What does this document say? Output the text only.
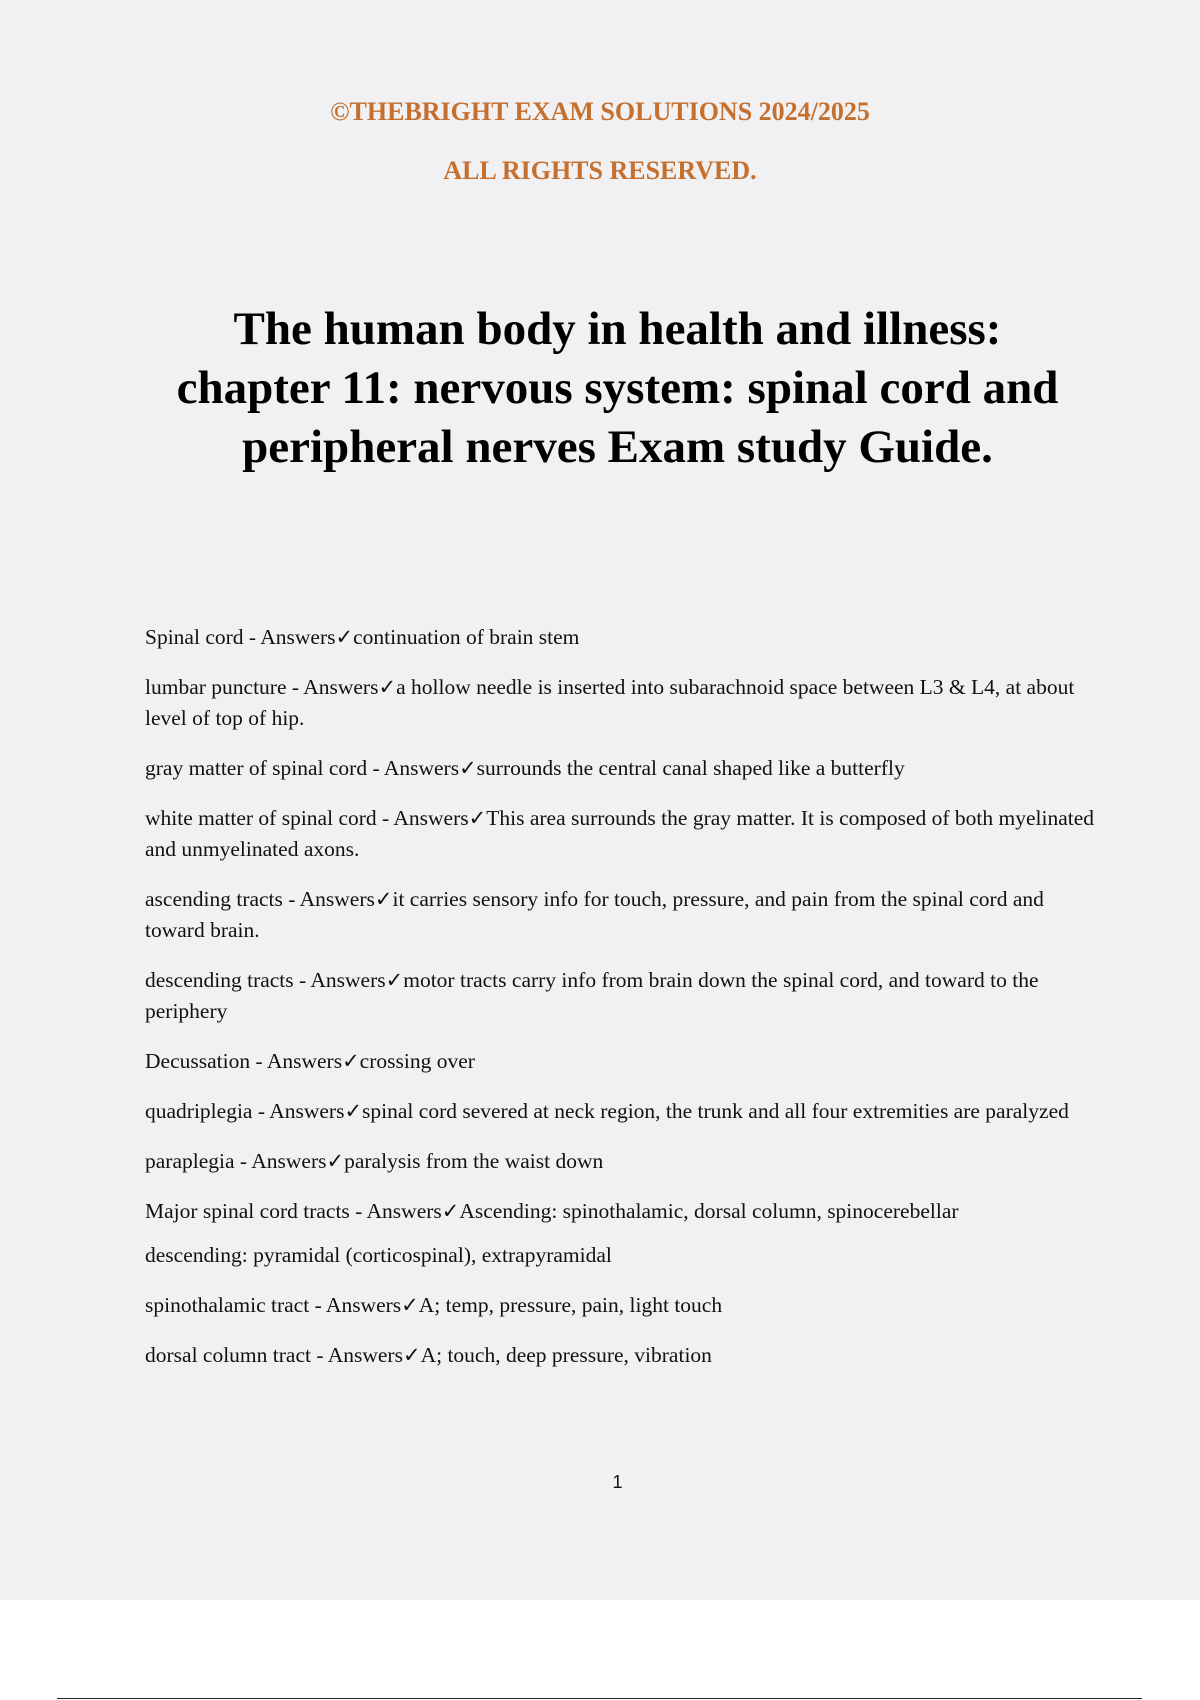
©THEBRIGHT EXAM SOLUTIONS 2024/2025
ALL RIGHTS RESERVED.
The human body in health and illness:
chapter 11: nervous system: spinal cord and
peripheral nerves Exam study Guide.
Spinal cord - Answers✓continuation of brain stem
lumbar puncture - Answers✓a hollow needle is inserted into subarachnoid space between L3 & L4, at about level of top of hip.
gray matter of spinal cord - Answers✓surrounds the central canal shaped like a butterfly
white matter of spinal cord - Answers✓This area surrounds the gray matter. It is composed of both myelinated and unmyelinated axons.
ascending tracts - Answers✓it carries sensory info for touch, pressure, and pain from the spinal cord and toward brain.
descending tracts - Answers✓motor tracts carry info from brain down the spinal cord, and toward to the periphery
Decussation - Answers✓crossing over
quadriplegia - Answers✓spinal cord severed at neck region, the trunk and all four extremities are paralyzed
paraplegia - Answers✓paralysis from the waist down
Major spinal cord tracts - Answers✓Ascending: spinothalamic, dorsal column, spinocerebellar
descending: pyramidal (corticospinal), extrapyramidal
spinothalamic tract - Answers✓A; temp, pressure, pain, light touch
dorsal column tract - Answers✓A; touch, deep pressure, vibration
1
